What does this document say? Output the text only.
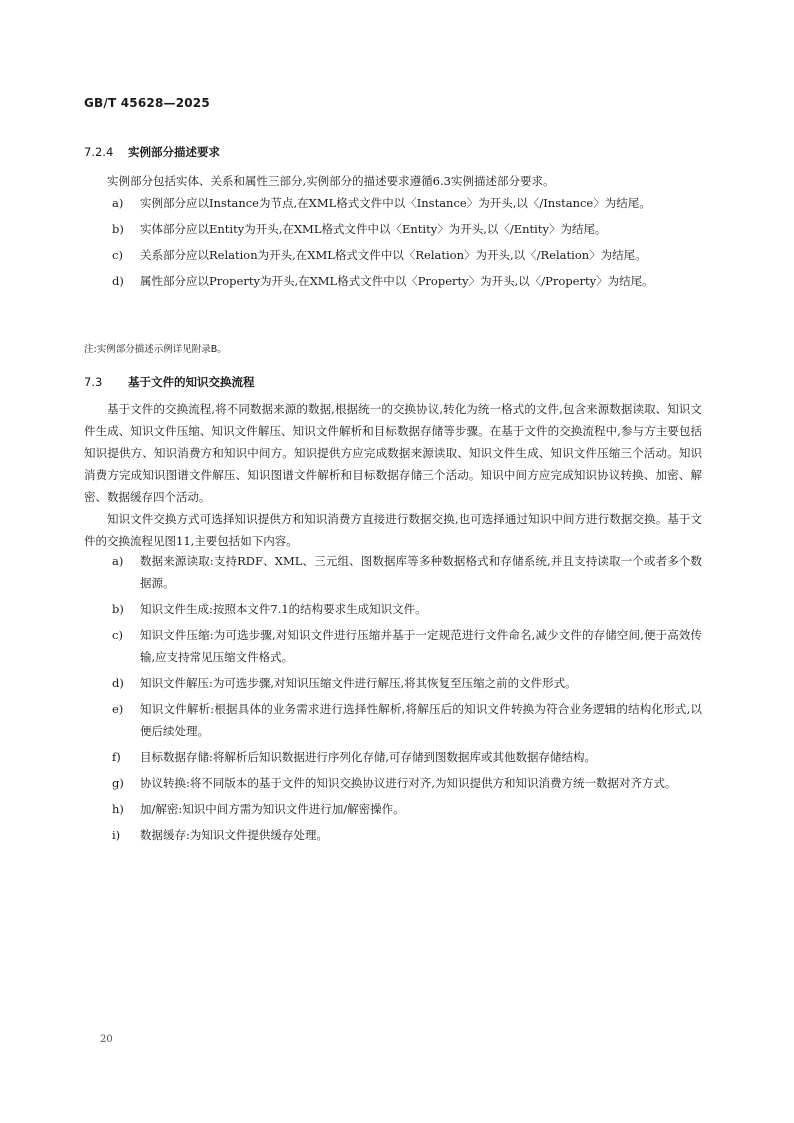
GB/T 45628—2025
7.2.4 实例部分描述要求

实例部分包括实体、关系和属性三部分,实例部分的描述要求遵循6.3实例描述部分要求。

a) 实例部分应以Instance为节点,在XML格式文件中以〈Instance〉为开头,以〈/Instance〉为结尾。
b) 实体部分应以Entity为开头,在XML格式文件中以〈Entity〉为开头,以〈/Entity〉为结尾。
c) 关系部分应以Relation为开头,在XML格式文件中以〈Relation〉为开头,以〈/Relation〉为结尾。
d) 属性部分应以Property为开头,在XML格式文件中以〈Property〉为开头,以〈/Property〉为结尾。
注:实例部分描述示例详见附录B。
7.3 基于文件的知识交换流程

基于文件的交换流程,将不同数据来源的数据,根据统一的交换协议,转化为统一格式的文件,包含来源数据读取、知识文件生成、知识文件压缩、知识文件解压、知识文件解析和目标数据存储等步骤。在基于文件的交换流程中,参与方主要包括知识提供方、知识消费方和知识中间方。知识提供方应完成数据来源读取、知识文件生成、知识文件压缩三个活动。知识消费方完成知识图谱文件解压、知识图谱文件解析和目标数据存储三个活动。知识中间方应完成知识协议转换、加密、解密、数据缓存四个活动。

知识文件交换方式可选择知识提供方和知识消费方直接进行数据交换,也可选择通过知识中间方进行数据交换。基于文件的交换流程见图11,主要包括如下内容。

a) 数据来源读取:支持RDF、XML、三元组、图数据库等多种数据格式和存储系统,并且支持读取一个或者多个数据源。
b) 知识文件生成:按照本文件7.1的结构要求生成知识文件。
c) 知识文件压缩:为可选步骤,对知识文件进行压缩并基于一定规范进行文件命名,减少文件的存储空间,便于高效传输,应支持常见压缩文件格式。
d) 知识文件解压:为可选步骤,对知识压缩文件进行解压,将其恢复至压缩之前的文件形式。
e) 知识文件解析:根据具体的业务需求进行选择性解析,将解压后的知识文件转换为符合业务逻辑的结构化形式,以便后续处理。
f) 目标数据存储:将解析后知识数据进行序列化存储,可存储到图数据库或其他数据存储结构。
g) 协议转换:将不同版本的基于文件的知识交换协议进行对齐,为知识提供方和知识消费方统一数据对齐方式。
h) 加/解密:知识中间方需为知识文件进行加/解密操作。
i) 数据缓存:为知识文件提供缓存处理。
20
